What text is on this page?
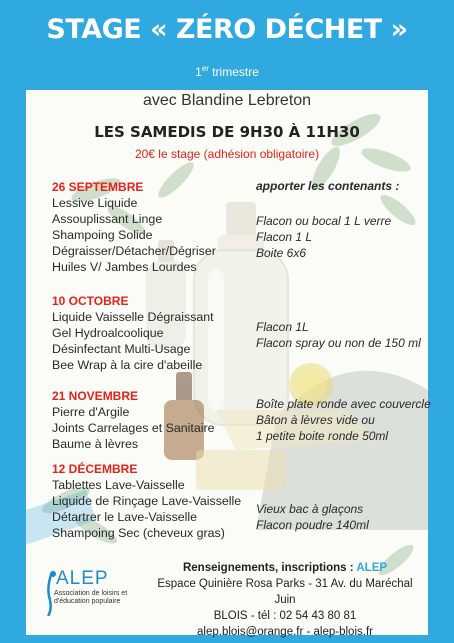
STAGE « ZÉRO DÉCHET »
1er trimestre
avec Blandine Lebreton
LES SAMEDIS DE 9H30 À 11H30
20€ le stage (adhésion obligatoire)
26 SEPTEMBRE
Lessive Liquide
Assouplissant Linge
Shampoing Solide
Dégraisser/Détacher/Dégriser
Huiles V/ Jambes Lourdes
10 OCTOBRE
Liquide Vaisselle Dégraissant
Gel Hydroalcoolique
Désinfectant Multi-Usage
Bee Wrap à la cire d'abeille
21 NOVEMBRE
Pierre d'Argile
Joints Carrelages et Sanitaire
Baume à lèvres
12 DÉCEMBRE
Tablettes Lave-Vaisselle
Liquide de Rinçage Lave-Vaisselle
Détartrer le Lave-Vaisselle
Shampoing Sec (cheveux gras)
apporter les contenants :
Flacon ou bocal 1 L verre
Flacon 1 L
Boite 6x6
Flacon 1L
Flacon spray ou non de 150 ml
Boîte plate ronde avec couvercle
Bâton à lèvres vide ou
1 petite boite ronde 50ml
Vieux bac à glaçons
Flacon poudre 140ml
ALEP
Association de loisirs et d'éducation populaire
Renseignements, inscriptions : ALEP
Espace Quinière Rosa Parks - 31 Av. du Maréchal Juin
BLOIS - tél : 02 54 43 80 81
alep.blois@orange.fr - alep-blois.fr
